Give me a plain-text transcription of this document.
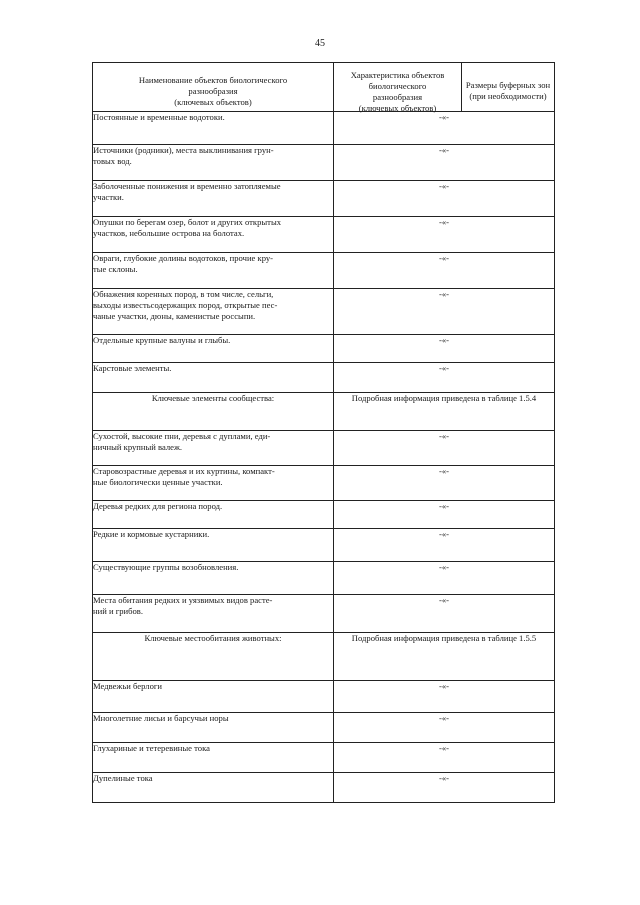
45
Наименование объектов биологического
разнообразия
(ключевых объектов)	Характеристика объектов
биологического
разнообразия
(ключевых объектов)	Размеры буферных зон
(при необходимости)

Постоянные и временные водотоки.	-«-	

Источники (родники), места выклинивания грун-
товых вод.	-«-	

Заболоченные понижения и временно затопляемые
участки.	-«-	

Опушки по берегам озер, болот и других открытых
участков, небольшие острова на болотах.	-«-	

Овраги, глубокие долины водотоков, прочие кру-
тые склоны.	-«-	

Обнажения коренных пород, в том числе, сельги,
выходы известьсодержащих пород, открытые пес-
чаные участки, дюны, каменистые россыпи.	-«-	

Отдельные крупные валуны и глыбы.	-«-	

Карстовые элементы.	-«-	
Ключевые элементы сообщества:	Подробная информация приведена в таблице 1.5.4	

Сухостой, высокие пни, деревья с дуплами, еди-
ничный крупный валеж.	-«-	

Старовозрастные деревья и их куртины, компакт-
ные биологически ценные участки.	-«-	

Деревья редких для региона пород.	-«-	

Редкие и кормовые кустарники.	-«-	

Существующие группы возобновления.	-«-	

Места обитания редких и уязвимых видов расте-
ний и грибов.	-«-	
Ключевые местообитания животных:	Подробная информация приведена в таблице 1.5.5	

Медвежьи берлоги	-«-	

Многолетние лисьи и барсучьи норы	-«-	

Глухариные и тетеревиные тока	-«-	

Дупелиные тока	-«-	
